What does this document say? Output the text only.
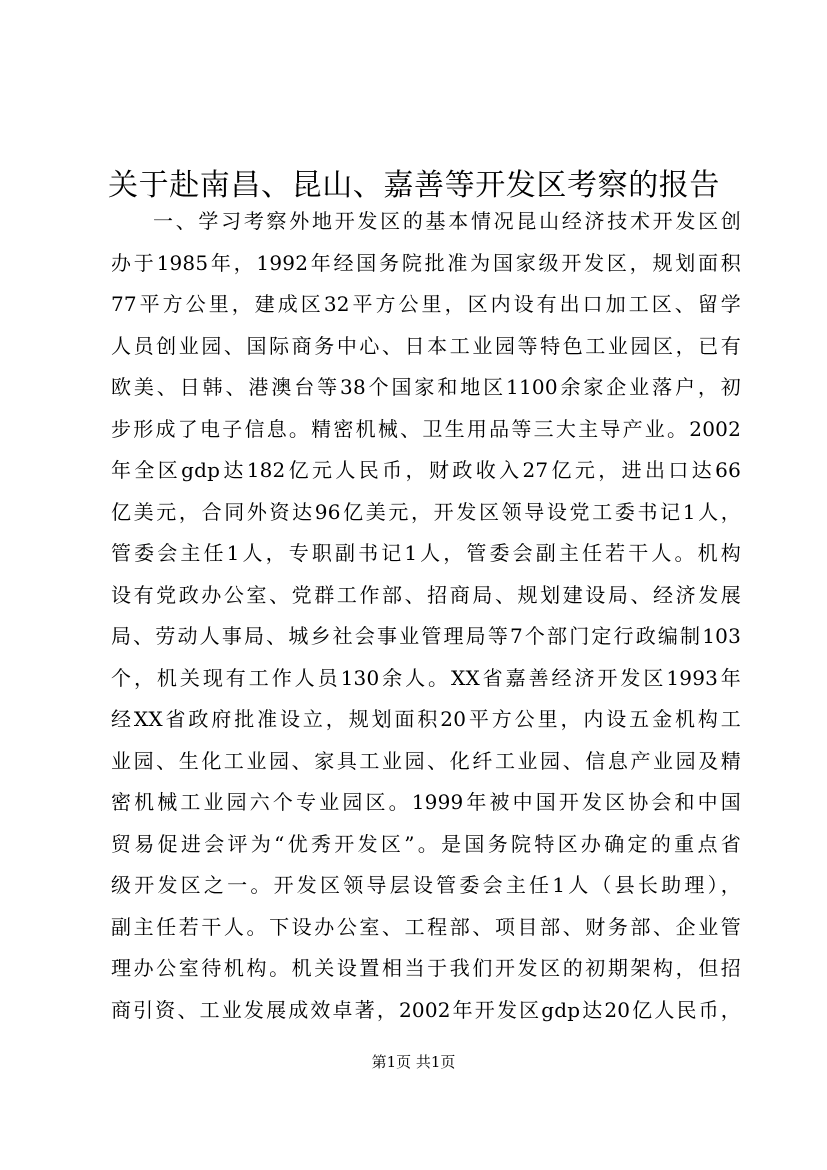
关于赴南昌、昆山、嘉善等开发区考察的报告
一、学习考察外地开发区的基本情况昆山经济技术开发区创
办于1985年，1992年经国务院批准为国家级开发区，规划面积
77平方公里，建成区32平方公里，区内设有出口加工区、留学
人员创业园、国际商务中心、日本工业园等特色工业园区，已有
欧美、日韩、港澳台等38个国家和地区1100余家企业落户，初
步形成了电子信息。精密机械、卫生用品等三大主导产业。2002
年全区gdp达182亿元人民币，财政收入27亿元，进出口达66
亿美元，合同外资达96亿美元，开发区领导设党工委书记1人，
管委会主任1人，专职副书记1人，管委会副主任若干人。机构
设有党政办公室、党群工作部、招商局、规划建设局、经济发展
局、劳动人事局、城乡社会事业管理局等7个部门定行政编制103
个，机关现有工作人员130余人。XX省嘉善经济开发区1993年
经XX省政府批准设立，规划面积20平方公里，内设五金机构工
业园、生化工业园、家具工业园、化纤工业园、信息产业园及精
密机械工业园六个专业园区。1999年被中国开发区协会和中国
贸易促进会评为“优秀开发区”。是国务院特区办确定的重点省
级开发区之一。开发区领导层设管委会主任1人（县长助理），
副主任若干人。下设办公室、工程部、项目部、财务部、企业管
理办公室待机构。机关设置相当于我们开发区的初期架构，但招
商引资、工业发展成效卓著，2002年开发区gdp达20亿人民币，
第1页 共1页
